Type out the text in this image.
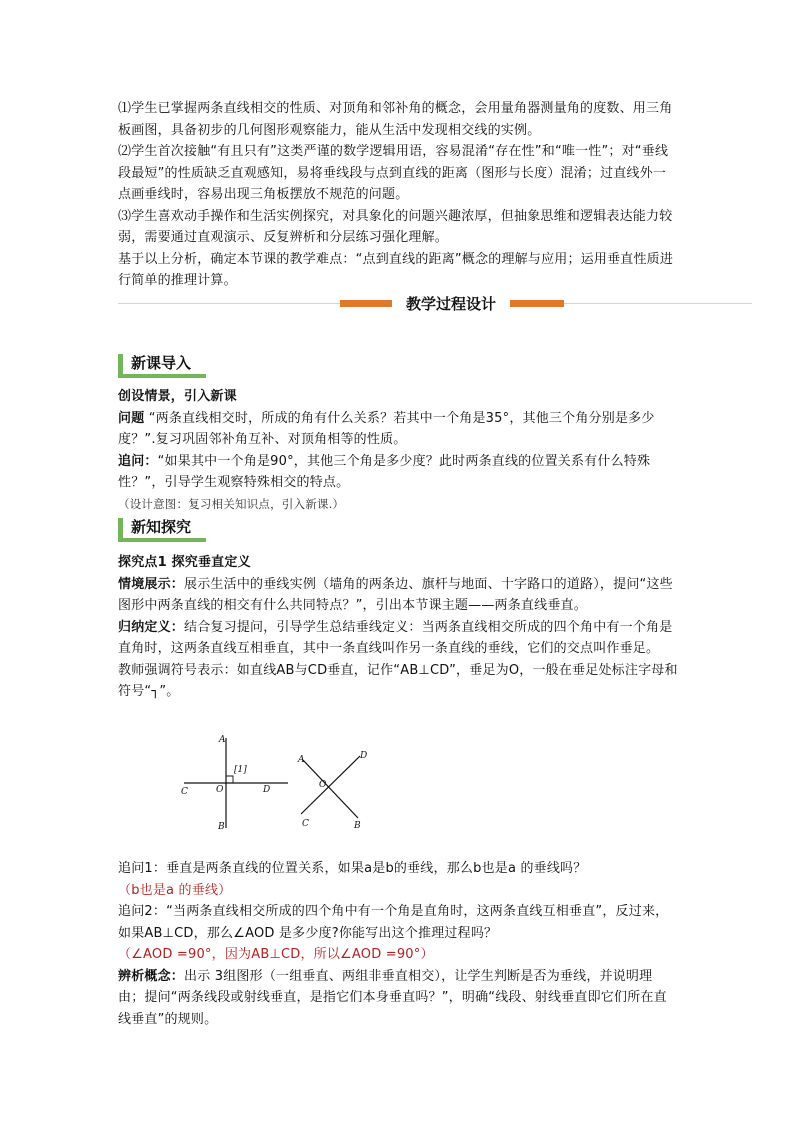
⑴学生已掌握两条直线相交的性质、对顶角和邻补角的概念，会用量角器测量角的度数、用三角板画图，具备初步的几何图形观察能力，能从生活中发现相交线的实例。

⑵学生首次接触“有且只有”这类严谨的数学逻辑用语，容易混淆“存在性”和“唯一性”；对“垂线段最短”的性质缺乏直观感知，易将垂线段与点到直线的距离（图形与长度）混淆；过直线外一点画垂线时，容易出现三角板摆放不规范的问题。

⑶学生喜欢动手操作和生活实例探究，对具象化的问题兴趣浓厚，但抽象思维和逻辑表达能力较弱，需要通过直观演示、反复辨析和分层练习强化理解。

基于以上分析，确定本节课的教学难点：“点到直线的距离”概念的理解与应用；运用垂直性质进行简单的推理计算。

教学过程设计
新课导入

创设情景，引入新课

问题 “两条直线相交时，所成的角有什么关系？若其中一个角是35°，其他三个角分别是多少度？”.复习巩固邻补角互补、对顶角相等的性质。

追问：“如果其中一个角是90°，其他三个角是多少度？此时两条直线的位置关系有什么特殊性？”，引导学生观察特殊相交的特点。

（设计意图：复习相关知识点，引入新课.）

新知探究

探究点1 探究垂直定义

情境展示：展示生活中的垂线实例（墙角的两条边、旗杆与地面、十字路口的道路），提问“这些图形中两条直线的相交有什么共同特点？”，引出本节课主题——两条直线垂直。

归纳定义：结合复习提问，引导学生总结垂线定义：当两条直线相交所成的四个角中有一个角是直角时，这两条直线互相垂直，其中一条直线叫作另一条直线的垂线，它们的交点叫作垂足。

教师强调符号表示：如直线AB与CD垂直，记作“AB⊥CD”，垂足为O，一般在垂足处标注字母和符号“┐”。

A
B
C	D
O
[1]
A
B
C
D
O

追问1：垂直是两条直线的位置关系，如果a是b的垂线，那么b也是a 的垂线吗？

（b也是a 的垂线）

追问2：“当两条直线相交所成的四个角中有一个角是直角时，这两条直线互相垂直”，反过来，如果AB⊥CD，那么∠AOD 是多少度?你能写出这个推理过程吗？

（∠AOD =90°，因为AB⊥CD，所以∠AOD =90°）

辨析概念：出示 3组图形（一组垂直、两组非垂直相交），让学生判断是否为垂线，并说明理由；提问“两条线段或射线垂直，是指它们本身垂直吗？”，明确“线段、射线垂直即它们所在直线垂直”的规则。
